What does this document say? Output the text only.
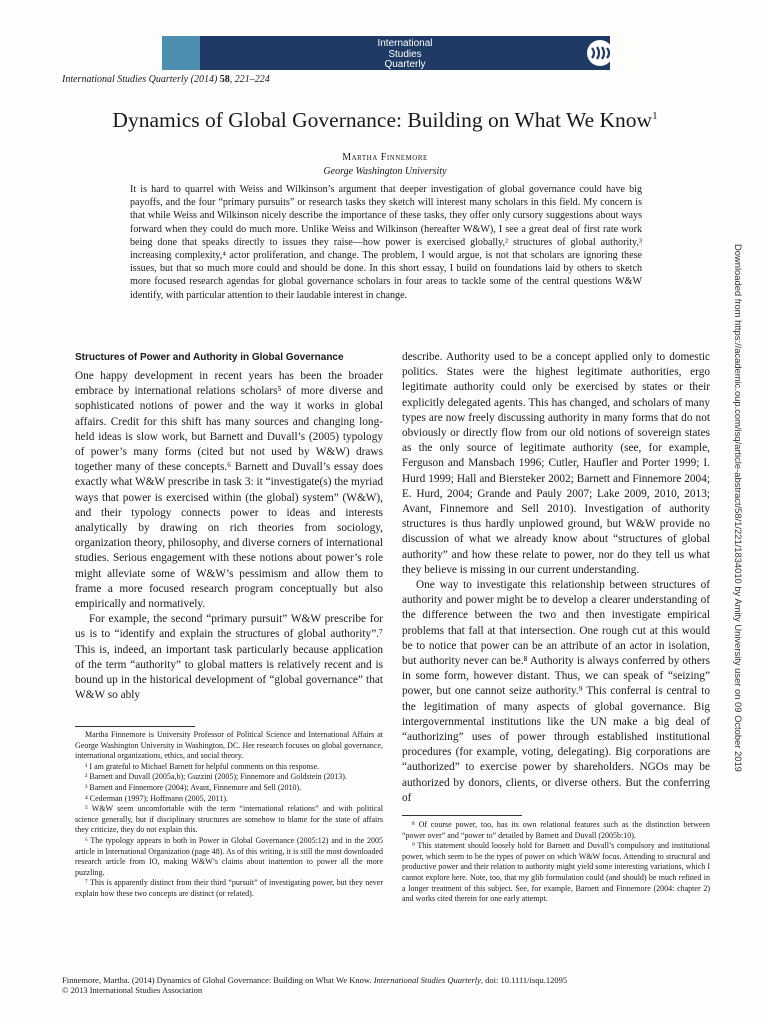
International
Studies
Quarterly
International Studies Quarterly (2014) 58, 221–224
Dynamics of Global Governance: Building on What We Know$^1$
Martha Finnemore
George Washington University

It is hard to quarrel with Weiss and Wilkinson’s argument that deeper investigation of global governance could have big payoffs, and the four “primary pursuits” or research tasks they sketch will interest many scholars in this field. My concern is that while Weiss and Wilkinson nicely describe the importance of these tasks, they offer only cursory suggestions about ways forward when they could do much more. Unlike Weiss and Wilkinson (hereafter W&W), I see a great deal of first rate work being done that speaks directly to issues they raise—how power is exercised globally,² structures of global authority,³ increasing complexity,⁴ actor proliferation, and change. The problem, I would argue, is not that scholars are ignoring these issues, but that so much more could and should be done. In this short essay, I build on foundations laid by others to sketch more focused research agendas for global governance scholars in four areas to tackle some of the central questions W&W identify, with particular attention to their laudable interest in change.

Structures of Power and Authority in Global Governance

One happy development in recent years has been the broader embrace by international relations scholars⁵ of more diverse and sophisticated notions of power and the way it works in global affairs. Credit for this shift has many sources and changing long-held ideas is slow work, but Barnett and Duvall’s (2005) typology of power’s many forms (cited but not used by W&W) draws together many of these concepts.⁶ Barnett and Duvall’s essay does exactly what W&W prescribe in task 3: it “investigate(s) the myriad ways that power is exercised within (the global) system” (W&W), and their typology connects power to ideas and interests analytically by drawing on rich theories from sociology, organization theory, philosophy, and diverse corners of international studies. Serious engagement with these notions about power’s role might alleviate some of W&W’s pessimism and allow them to frame a more focused research program conceptually but also empirically and normatively.

For example, the second “primary pursuit” W&W prescribe for us is to “identify and explain the structures of global authority”.⁷ This is, indeed, an important task particularly because application of the term “authority” to global matters is relatively recent and is bound up in the historical development of “global governance” that W&W so ably

describe. Authority used to be a concept applied only to domestic politics. States were the highest legitimate authorities, ergo legitimate authority could only be exercised by states or their explicitly delegated agents. This has changed, and scholars of many types are now freely discussing authority in many forms that do not obviously or directly flow from our old notions of sovereign states as the only source of legitimate authority (see, for example, Ferguson and Mansbach 1996; Cutler, Haufler and Porter 1999; I. Hurd 1999; Hall and Biersteker 2002; Barnett and Finnemore 2004; E. Hurd, 2004; Grande and Pauly 2007; Lake 2009, 2010, 2013; Avant, Finnemore and Sell 2010). Investigation of authority structures is thus hardly unplowed ground, but W&W provide no discussion of what we already know about “structures of global authority” and how these relate to power, nor do they tell us what they believe is missing in our current understanding.

One way to investigate this relationship between structures of authority and power might be to develop a clearer understanding of the difference between the two and then investigate empirical problems that fall at that intersection. One rough cut at this would be to notice that power can be an attribute of an actor in isolation, but authority never can be.⁸ Authority is always conferred by others in some form, however distant. Thus, we can speak of “seizing” power, but one cannot seize authority.⁹ This conferral is central to the legitimation of many aspects of global governance. Big intergovernmental institutions like the UN make a big deal of “authorizing” uses of power through established institutional procedures (for example, voting, delegating). Big corporations are “authorized” to exercise power by shareholders. NGOs may be authorized by donors, clients, or diverse others. But the conferring of

Martha Finnemore is University Professor of Political Science and International Affairs at George Washington University in Washington, DC. Her research focuses on global governance, international organizations, ethics, and social theory.

¹ I am grateful to Michael Barnett for helpful comments on this response.

² Barnett and Duvall (2005a,b); Guzzini (2005); Finnemore and Goldstein (2013).

³ Barnett and Finnemore (2004); Avant, Finnemore and Sell (2010).

⁴ Cederman (1997); Hoffmann (2005, 2011).

⁵ W&W seem uncomfortable with the term “international relations” and with political science generally, but if disciplinary structures are somehow to blame for the state of affairs they criticize, they do not explain this.

⁶ The typology appears in both in Power in Global Governance (2005:12) and in the 2005 article in International Organization (page 48). As of this writing, it is still the most downloaded research article from IO, making W&W’s claims about inattention to power all the more puzzling.

⁷ This is apparently distinct from their third “pursuit” of investigating power, but they never explain how these two concepts are distinct (or related).

⁸ Of course power, too, has its own relational features such as the distinction between “power over” and “power to” detailed by Barnett and Duvall (2005b:10).

⁹ This statement should loosely hold for Barnett and Duvall’s compulsory and institutional power, which seem to be the types of power on which W&W focus. Attending to structural and productive power and their relation to authority might yield some interesting variations, which I cannot explore here. Note, too, that my glib formulation could (and should) be much refined in a longer treatment of this subject. See, for example, Barnett and Finnemore (2004: chapter 2) and works cited therein for one early attempt.

Finnemore, Martha. (2014) Dynamics of Global Governance: Building on What We Know. International Studies Quarterly, doi: 10.1111/isqu.12095
© 2013 International Studies Association
Downloaded from https://academic.oup.com/isq/article-abstract/58/1/221/1834010 by Amity University user on 09 October 2019
